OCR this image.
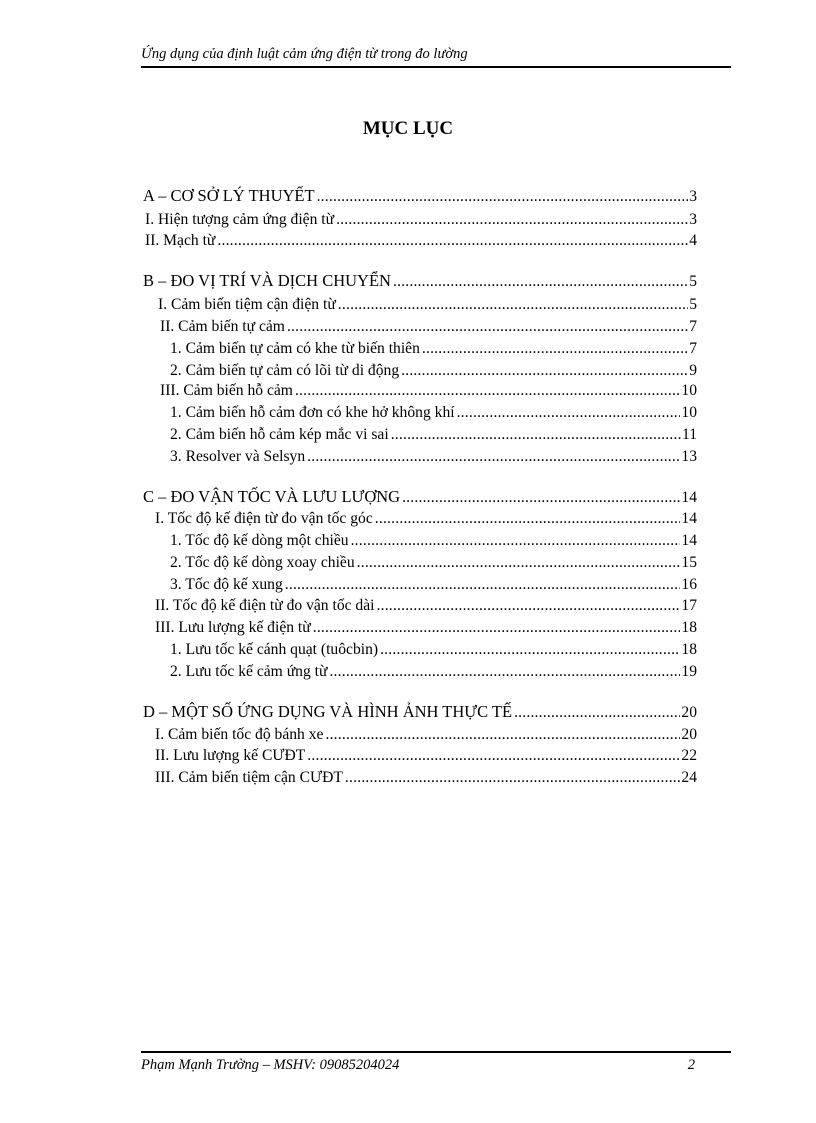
Ứng dụng của định luật cảm ứng điện từ trong đo lường
MỤC LỤC
A – CƠ SỞ LÝ THUYẾT .....	3
I. Hiện tượng cảm ứng điện từ .....	3
II. Mạch từ .....	4
B – ĐO VỊ TRÍ VÀ DỊCH CHUYỂN .....	5
I. Cảm biến tiệm cận điện từ .....	5
II. Cảm biến tự cảm .....	7
1. Cảm biến tự cảm có khe từ biến thiên .....	7
2. Cảm biến tự cảm có lõi từ di động .....	9
III. Cảm biến hỗ cảm .....	10
1. Cảm biến hỗ cảm đơn có khe hở không khí .....	10
2. Cảm biến hỗ cảm kép mắc vi sai .....	11
3. Resolver và Selsyn .....	13
C – ĐO VẬN TỐC VÀ LƯU LƯỢNG .....	14
I. Tốc độ kế điện từ đo vận tốc góc .....	14
1. Tốc độ kế dòng một chiều .....	14
2. Tốc độ kế dòng xoay chiều .....	15
3. Tốc độ kế xung .....	16
II. Tốc độ kế điện từ đo vận tốc dài .....	17
III. Lưu lượng kế điện từ .....	18
1. Lưu tốc kế cánh quạt (tuôcbin) .....	18
2. Lưu tốc kế cảm ứng từ .....	19
D – MỘT SỐ ỨNG DỤNG VÀ HÌNH ẢNH THỰC TẾ .....	20
I. Cảm biến tốc độ bánh xe .....	20
II. Lưu lượng kế CƯĐT .....	22
III. Cảm biến tiệm cận CƯĐT .....	24
Phạm Mạnh Trường – MSHV: 09085204024	2
